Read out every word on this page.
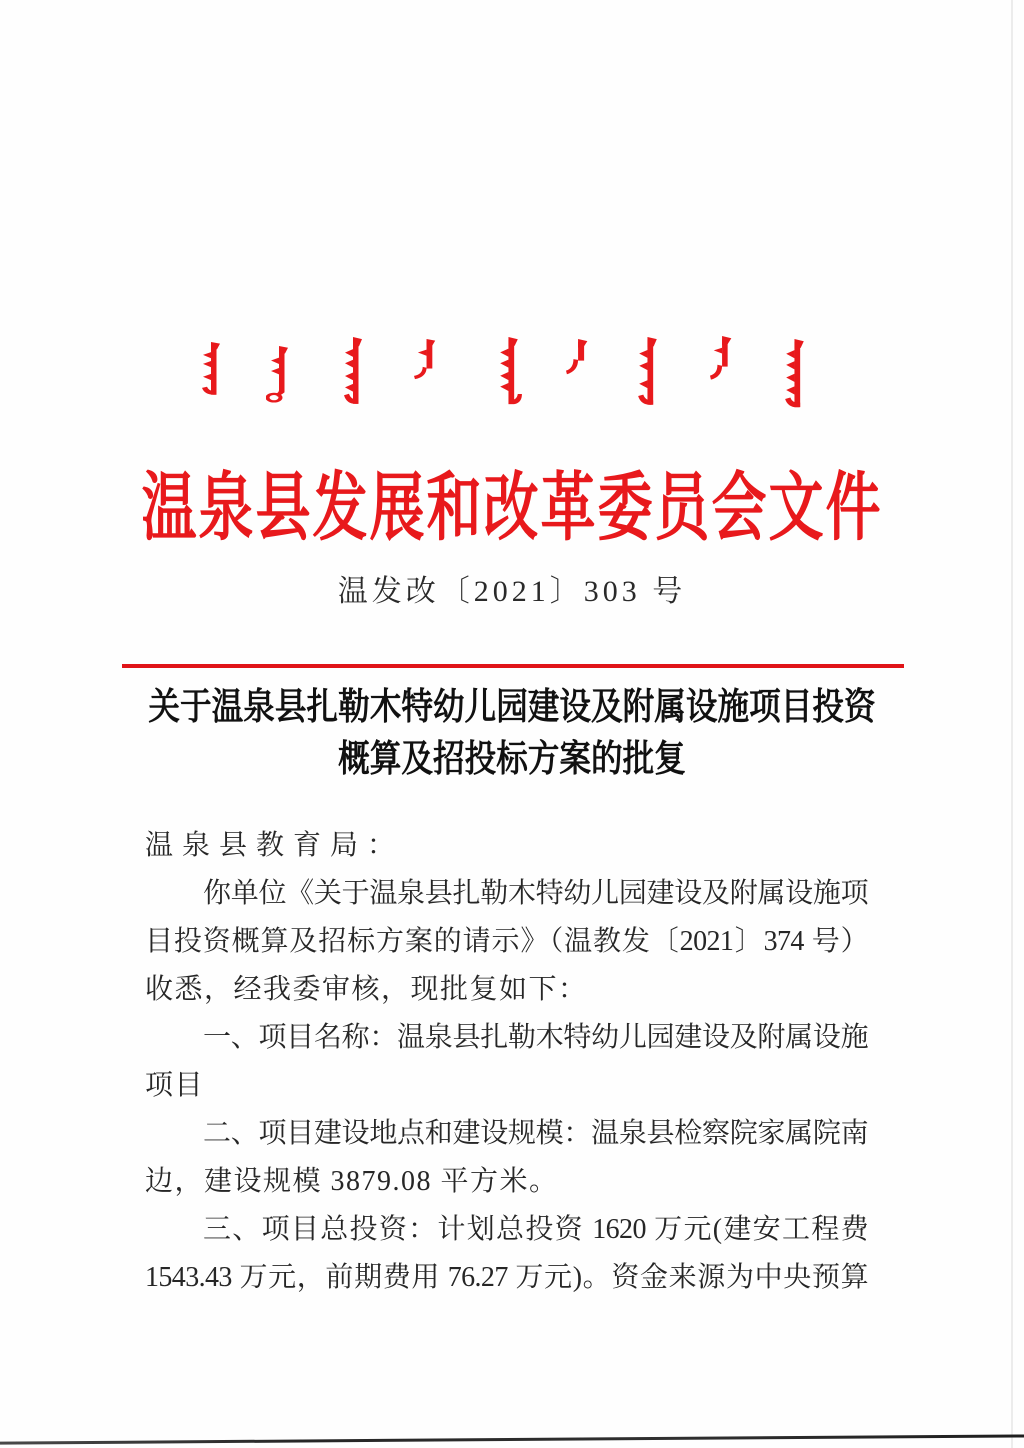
温泉县发展和改革委员会文件
温发改〔2021〕303 号
关于温泉县扎勒木特幼儿园建设及附属设施项目投资
概算及招投标方案的批复
温泉县教育局：
你单位《关于温泉县扎勒木特幼儿园建设及附属设施项
目投资概算及招标方案的请示》（温教发〔2021〕374 号）
收悉，经我委审核，现批复如下：
一、项目名称：温泉县扎勒木特幼儿园建设及附属设施
项目
二、项目建设地点和建设规模：温泉县检察院家属院南
边，建设规模 3879.08 平方米。
三、项目总投资：计划总投资 1620 万元(建安工程费
1543.43 万元，前期费用 76.27 万元)。资金来源为中央预算
